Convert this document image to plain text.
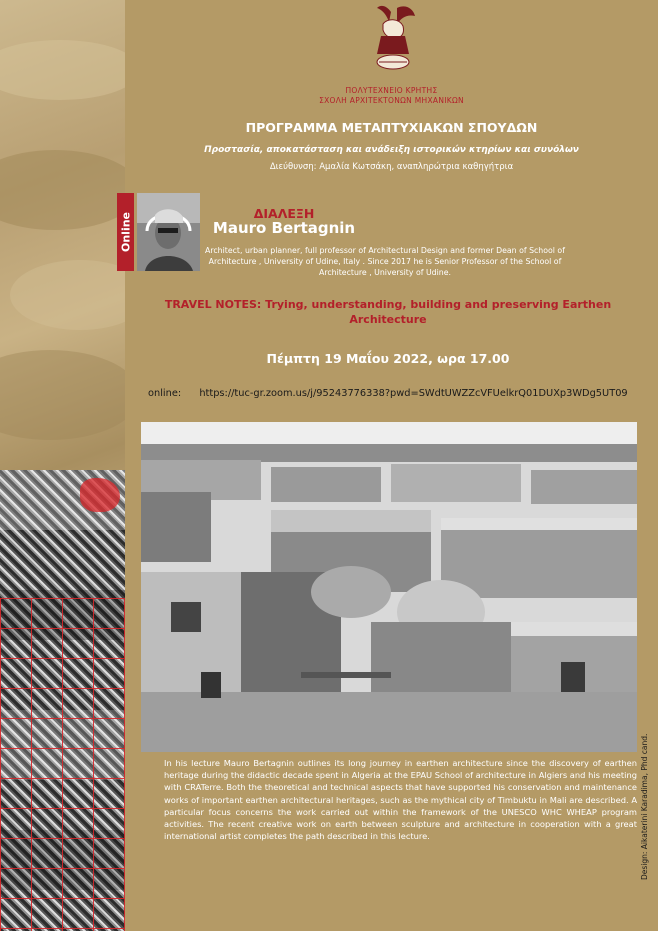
ΠΟΛΥΤΕΧΝΕΙΟ ΚΡΗΤΗΣ
ΣΧΟΛΗ ΑΡΧΙΤΕΚΤΟΝΩΝ ΜΗΧΑΝΙΚΩΝ
ΠΡΟΓΡΑΜΜΑ ΜΕΤΑΠΤΥΧΙΑΚΩΝ ΣΠΟΥΔΩΝ
Προστασία, αποκατάσταση και ανάδειξη ιστορικών κτηρίων και συνόλων
Διεύθυνση: Αμαλία Κωτσάκη, αναπληρώτρια καθηγήτρια
Online	ΔΙΑΛΕΞΗ
Mauro Bertagnin
Architect, urban planner, full professor of Architectural Design and former Dean of School of Architecture , University of Udine, Italy . Since 2017 he is Senior Professor of the School of Architecture , University of Udine.
TRAVEL NOTES: Trying, understanding, building and preserving Earthen Architecture
Πέμπτη 19 Μαΐου 2022, ωρα 17.00
online: https://tuc-gr.zoom.us/j/95243776338?pwd=SWdtUWZZcVFUelkrQ01DUXp3WDg5UT09
In his lecture Mauro Bertagnin outlines its long journey in earthen architecture since the discovery of earthen heritage during the didactic decade spent in Algeria at the EPAU School of architecture in Algiers and his meeting with CRATerre. Both the theoretical and technical aspects that have supported his conservation and maintenance works of important earthen architectural heritages, such as the mythical city of Timbuktu in Mali are described. A particular focus concerns the work carried out within the framework of the UNESCO WHC WHEAP program activities. The recent creative work on earth between sculpture and architecture in cooperation with a great international artist completes the path described in this lecture.	Design: Aikaterini Karadima, Phd cand.
